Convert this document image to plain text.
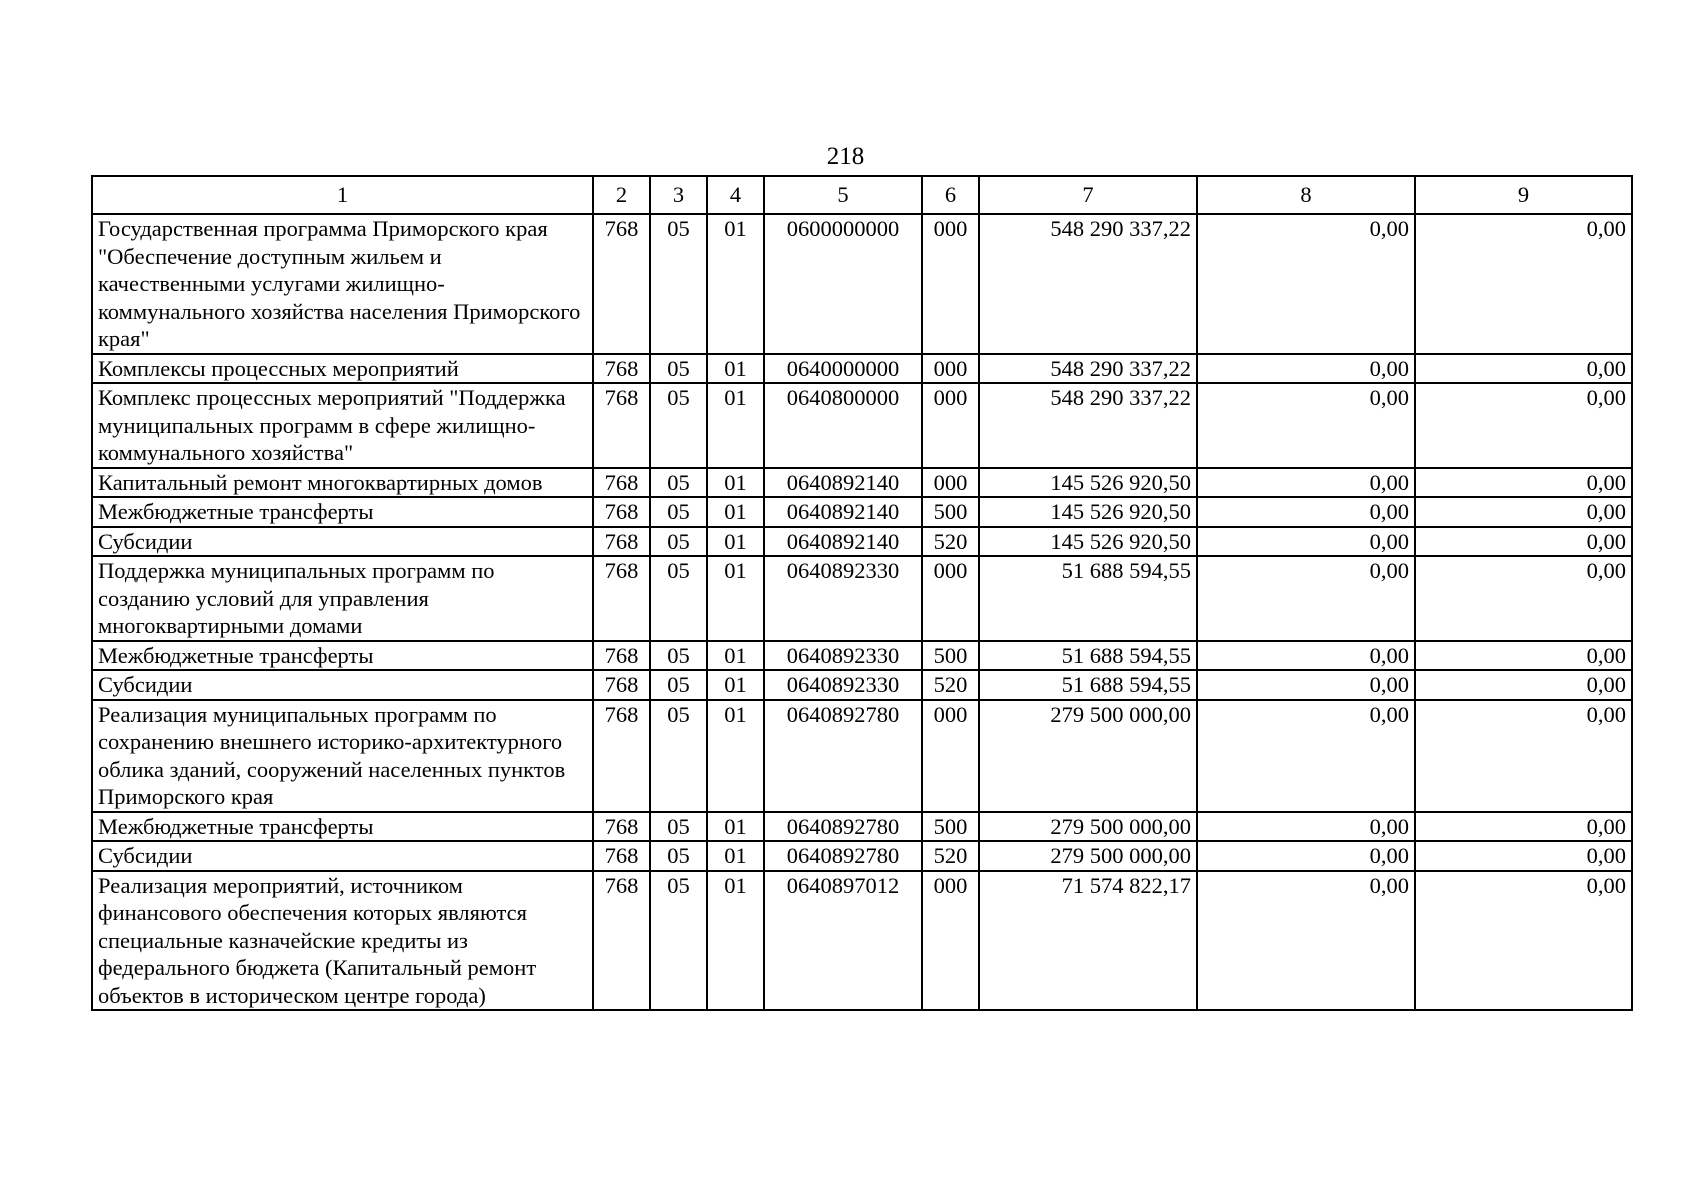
218
1	2	3	4	5	6	7	8	9
Государственная программа Приморского края "Обеспечение доступным жильем и качественными услугами жилищно-коммунального хозяйства населения Приморского края"	768	05	01	0600000000	000	548 290 337,22	0,00	0,00
Комплексы процессных мероприятий	768	05	01	0640000000	000	548 290 337,22	0,00	0,00
Комплекс процессных мероприятий "Поддержка муниципальных программ в сфере жилищно-коммунального хозяйства"	768	05	01	0640800000	000	548 290 337,22	0,00	0,00
Капитальный ремонт многоквартирных домов	768	05	01	0640892140	000	145 526 920,50	0,00	0,00
Межбюджетные трансферты	768	05	01	0640892140	500	145 526 920,50	0,00	0,00
Субсидии	768	05	01	0640892140	520	145 526 920,50	0,00	0,00
Поддержка муниципальных программ по созданию условий для управления многоквартирными домами	768	05	01	0640892330	000	51 688 594,55	0,00	0,00
Межбюджетные трансферты	768	05	01	0640892330	500	51 688 594,55	0,00	0,00
Субсидии	768	05	01	0640892330	520	51 688 594,55	0,00	0,00
Реализация муниципальных программ по сохранению внешнего историко-архитектурного облика зданий, сооружений населенных пунктов Приморского края	768	05	01	0640892780	000	279 500 000,00	0,00	0,00
Межбюджетные трансферты	768	05	01	0640892780	500	279 500 000,00	0,00	0,00
Субсидии	768	05	01	0640892780	520	279 500 000,00	0,00	0,00
Реализация мероприятий, источником финансового обеспечения которых являются специальные казначейские кредиты из федерального бюджета (Капитальный ремонт объектов в историческом центре города)	768	05	01	0640897012	000	71 574 822,17	0,00	0,00
